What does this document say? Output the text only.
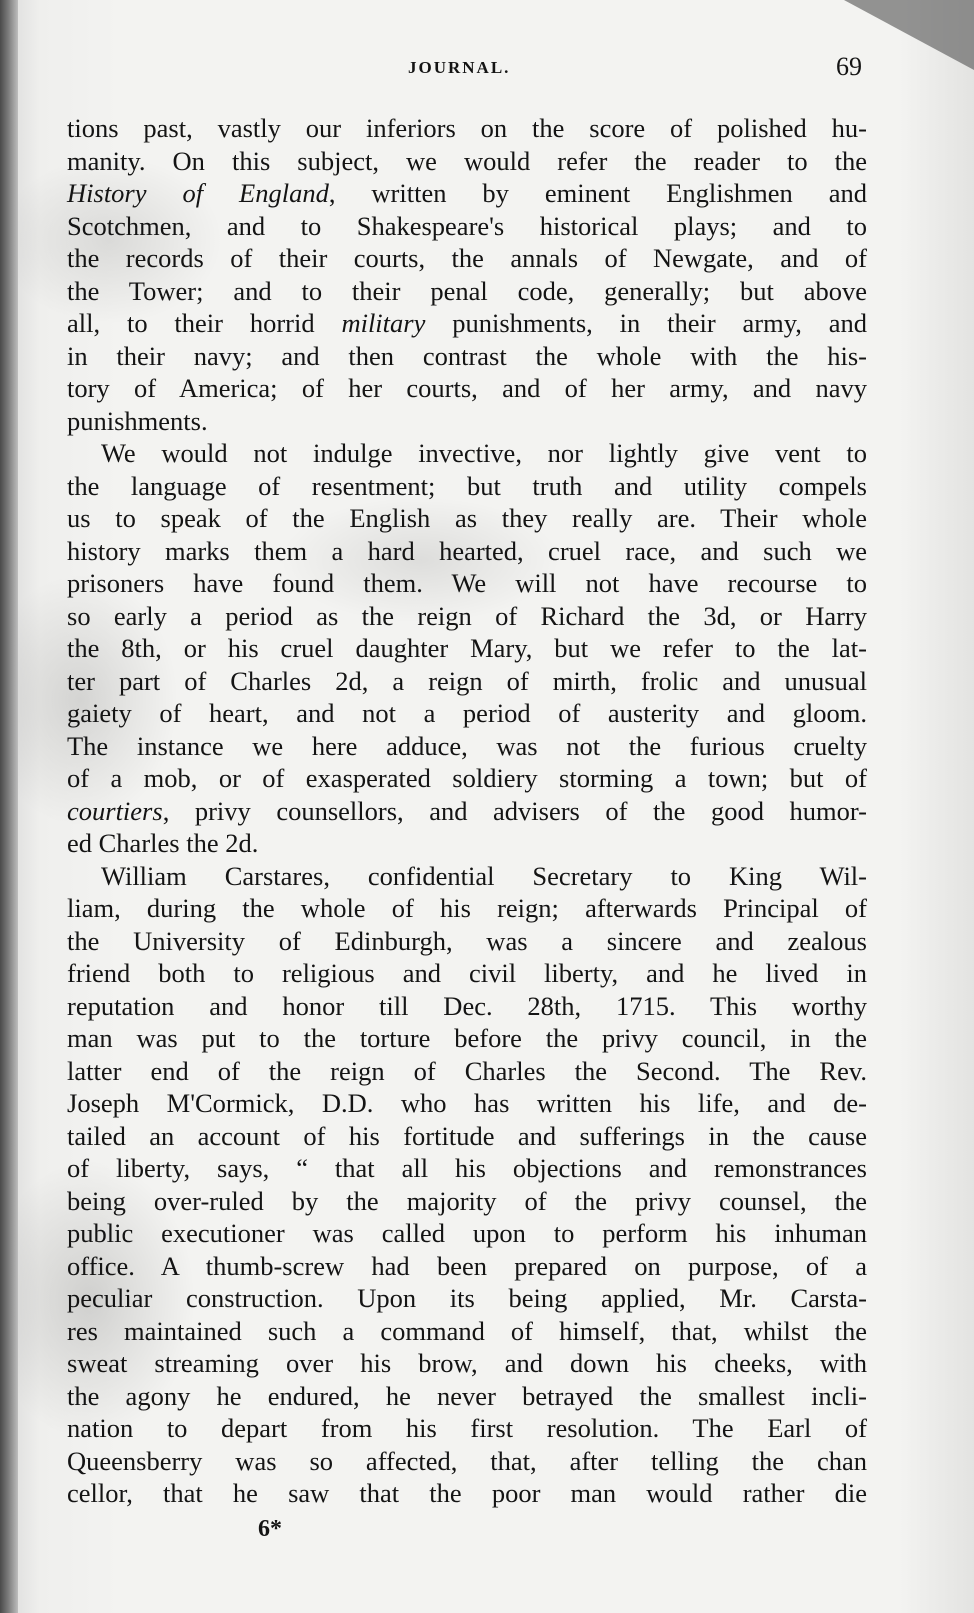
JOURNAL.	69
tions past, vastly our inferiors on the score of polished hu-
manity. On this subject, we would refer the reader to the
History of England, written by eminent Englishmen and
Scotchmen, and to Shakespeare's historical plays; and to
the records of their courts, the annals of Newgate, and of
the Tower; and to their penal code, generally; but above
all, to their horrid military punishments, in their army, and
in their navy; and then contrast the whole with the his-
tory of America; of her courts, and of her army, and navy
punishments.
We would not indulge invective, nor lightly give vent to
the language of resentment; but truth and utility compels
us to speak of the English as they really are. Their whole
history marks them a hard hearted, cruel race, and such we
prisoners have found them. We will not have recourse to
so early a period as the reign of Richard the 3d, or Harry
the 8th, or his cruel daughter Mary, but we refer to the lat-
ter part of Charles 2d, a reign of mirth, frolic and unusual
gaiety of heart, and not a period of austerity and gloom.
The instance we here adduce, was not the furious cruelty
of a mob, or of exasperated soldiery storming a town; but of
courtiers, privy counsellors, and advisers of the good humor-
ed Charles the 2d.
William Carstares, confidential Secretary to King Wil-
liam, during the whole of his reign; afterwards Principal of
the University of Edinburgh, was a sincere and zealous
friend both to religious and civil liberty, and he lived in
reputation and honor till Dec. 28th, 1715. This worthy
man was put to the torture before the privy council, in the
latter end of the reign of Charles the Second. The Rev.
Joseph M'Cormick, D.D. who has written his life, and de-
tailed an account of his fortitude and sufferings in the cause
of liberty, says, “ that all his objections and remonstrances
being over-ruled by the majority of the privy counsel, the
public executioner was called upon to perform his inhuman
office. A thumb-screw had been prepared on purpose, of a
peculiar construction. Upon its being applied, Mr. Carsta-
res maintained such a command of himself, that, whilst the
sweat streaming over his brow, and down his cheeks, with
the agony he endured, he never betrayed the smallest incli-
nation to depart from his first resolution. The Earl of
Queensberry was so affected, that, after telling the chan
cellor, that he saw that the poor man would rather die
6*
